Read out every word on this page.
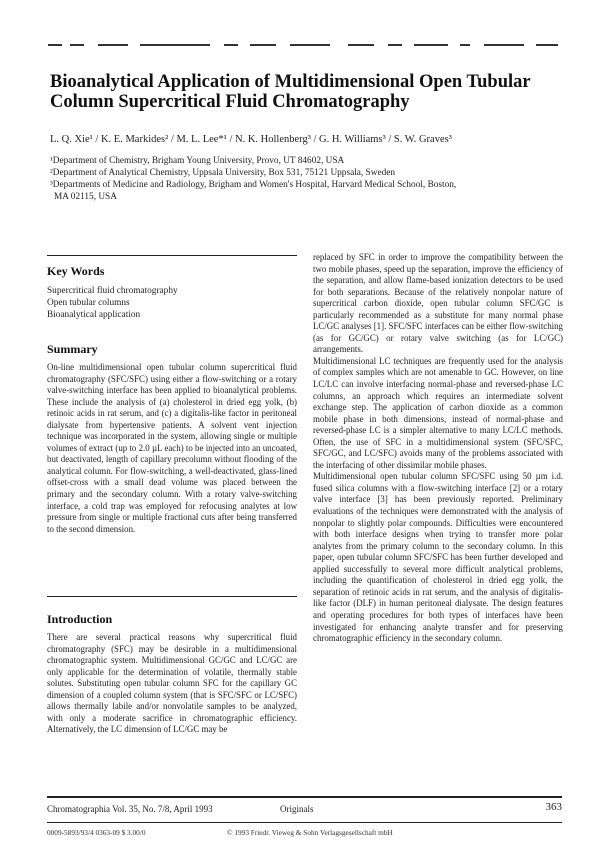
Bioanalytical Application of Multidimensional Open Tubular Column Supercritical Fluid Chromatography
L. Q. Xie¹ / K. E. Markides² / M. L. Lee*¹ / N. K. Hollenberg³ / G. H. Williams³ / S. W. Graves³
¹Department of Chemistry, Brigham Young University, Provo, UT 84602, USA
²Department of Analytical Chemistry, Uppsala University, Box 531, 75121 Uppsala, Sweden
³Departments of Medicine and Radiology, Brigham and Women's Hospital, Harvard Medical School, Boston, MA 02115, USA
Key Words
Supercritical fluid chromatography
Open tubular columns
Bioanalytical application
Summary

On-line multidimensional open tubular column supercritical fluid chromatography (SFC/SFC) using either a flow-switching or a rotary valve-switching interface has been applied to bioanalytical problems. These include the analysis of (a) cholesterol in dried egg yolk, (b) retinoic acids in rat serum, and (c) a digitalis-like factor in peritoneal dialysate from hypertensive patients. A solvent vent injection technique was incorporated in the system, allowing single or multiple volumes of extract (up to 2.0 µL each) to be injected into an uncoated, but deactivated, length of capillary precolumn without flooding of the analytical column. For flow-switching, a well-deactivated, glass-lined offset-cross with a small dead volume was placed between the primary and the secondary column. With a rotary valve-switching interface, a cold trap was employed for refocusing analytes at low pressure from single or multiple fractional cuts after being transferred to the second dimension.

Introduction

There are several practical reasons why supercritical fluid chromatography (SFC) may be desirable in a multidimensional chromatographic system. Multidimensional GC/GC and LC/GC are only applicable for the determination of volatile, thermally stable solutes. Substituting open tubular column SFC for the capillary GC dimension of a coupled column system (that is SFC/SFC or LC/SFC) allows thermally labile and/or nonvolatile samples to be analyzed, with only a moderate sacrifice in chromatographic efficiency. Alternatively, the LC dimension of LC/GC may be

replaced by SFC in order to improve the compatibility between the two mobile phases, speed up the separation, improve the efficiency of the separation, and allow flame-based ionization detectors to be used for both separations. Because of the relatively nonpolar nature of supercritical carbon dioxide, open tubular column SFC/GC is particularly recommended as a substitute for many normal phase LC/GC analyses [1]. SFC/SFC interfaces can be either flow-switching (as for GC/GC) or rotary valve switching (as for LC/GC) arrangements.

Multidimensional LC techniques are frequently used for the analysis of complex samples which are not amenable to GC. However, on line LC/LC can involve interfacing normal-phase and reversed-phase LC columns, an approach which requires an intermediate solvent exchange step. The application of carbon dioxide as a common mobile phase in both dimensions, instead of normal-phase and reversed-phase LC is a simpler alternative to many LC/LC methods. Often, the use of SFC in a multidimensional system (SFC/SFC, SFC/GC, and LC/SFC) avoids many of the problems associated with the interfacing of other dissimilar mobile phases.

Multidimensional open tubular column SFC/SFC using 50 µm i.d. fused silica columns with a flow-switching interface [2] or a rotary valve interface [3] has been previously reported. Preliminary evaluations of the techniques were demonstrated with the analysis of nonpolar to slightly polar compounds. Difficulties were encountered with both interface designs when trying to transfer more polar analytes from the primary column to the secondary column. In this paper, open tubular column SFC/SFC has been further developed and applied successfully to several more difficult analytical problems, including the quantification of cholesterol in dried egg yolk, the separation of retinoic acids in rat serum, and the analysis of digitalis-like factor (DLF) in human peritoneal dialysate. The design features and operating procedures for both types of interfaces have been investigated for enhancing analyte transfer and for preserving chromatographic efficiency in the secondary column.

Chromatographia Vol. 35, No. 7/8, April 1993	Originals	363
0009-5893/93/4 0363-09 $ 3.00/0	© 1993 Friedr. Vieweg & Sohn Verlagsgesellschaft mbH
